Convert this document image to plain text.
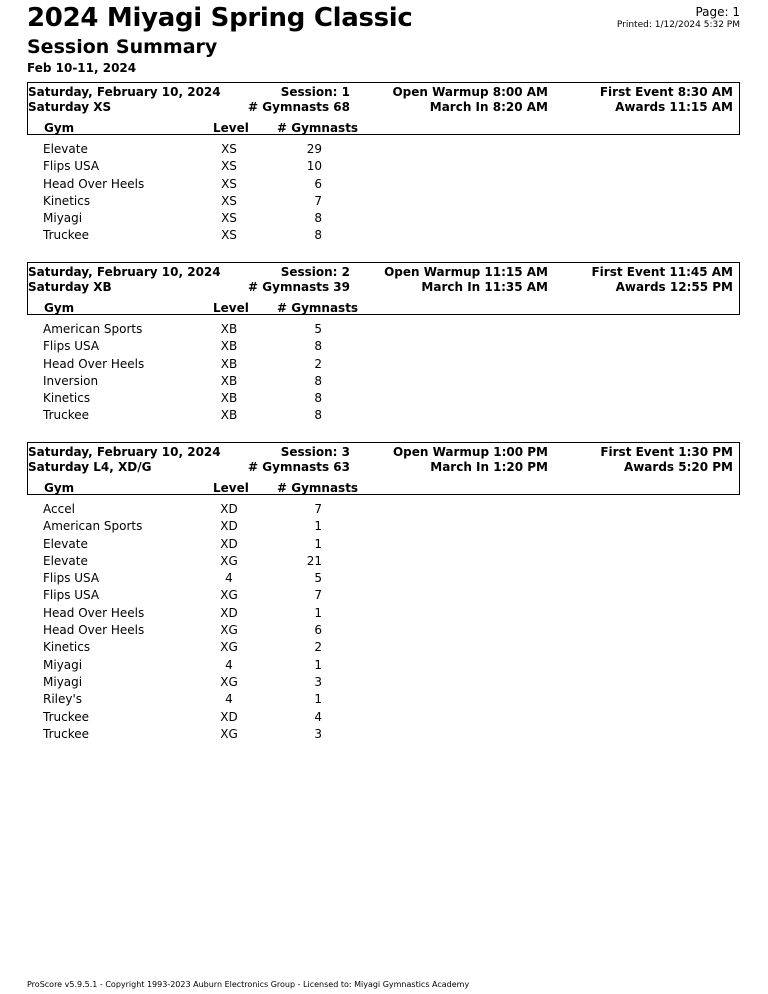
2024 Miyagi Spring Classic
Session Summary
Feb 10-11, 2024
Page: 1
Printed: 1/12/2024 5:32 PM
Saturday, February 10, 2024
Saturday XS
Session: 1
# Gymnasts 68
Open Warmup 8:00 AM
March In 8:20 AM
First Event 8:30 AM
Awards 11:15 AM
Gym	Level # Gymnasts
Elevate	XS	29
Flips USA	XS	10
Head Over Heels	XS	6
Kinetics	XS	7
Miyagi	XS	8
Truckee	XS	8
Saturday, February 10, 2024
Saturday XB
Session: 2
# Gymnasts 39
Open Warmup 11:15 AM
March In 11:35 AM
First Event 11:45 AM
Awards 12:55 PM
Gym	Level # Gymnasts
American Sports	XB	5
Flips USA	XB	8
Head Over Heels	XB	2
Inversion	XB	8
Kinetics	XB	8
Truckee	XB	8
Saturday, February 10, 2024
Saturday L4, XD/G
Session: 3
# Gymnasts 63
Open Warmup 1:00 PM
March In 1:20 PM
First Event 1:30 PM
Awards 5:20 PM
Gym	Level # Gymnasts
Accel	XD	7
American Sports	XD	1
Elevate	XD	1
Elevate	XG	21
Flips USA	4	5
Flips USA	XG	7
Head Over Heels	XD	1
Head Over Heels	XG	6
Kinetics	XG	2
Miyagi	4	1
Miyagi	XG	3
Riley's	4	1
Truckee	XD	4
Truckee	XG	3
ProScore v5.9.5.1 - Copyright 1993-2023 Auburn Electronics Group - Licensed to: Miyagi Gymnastics Academy
